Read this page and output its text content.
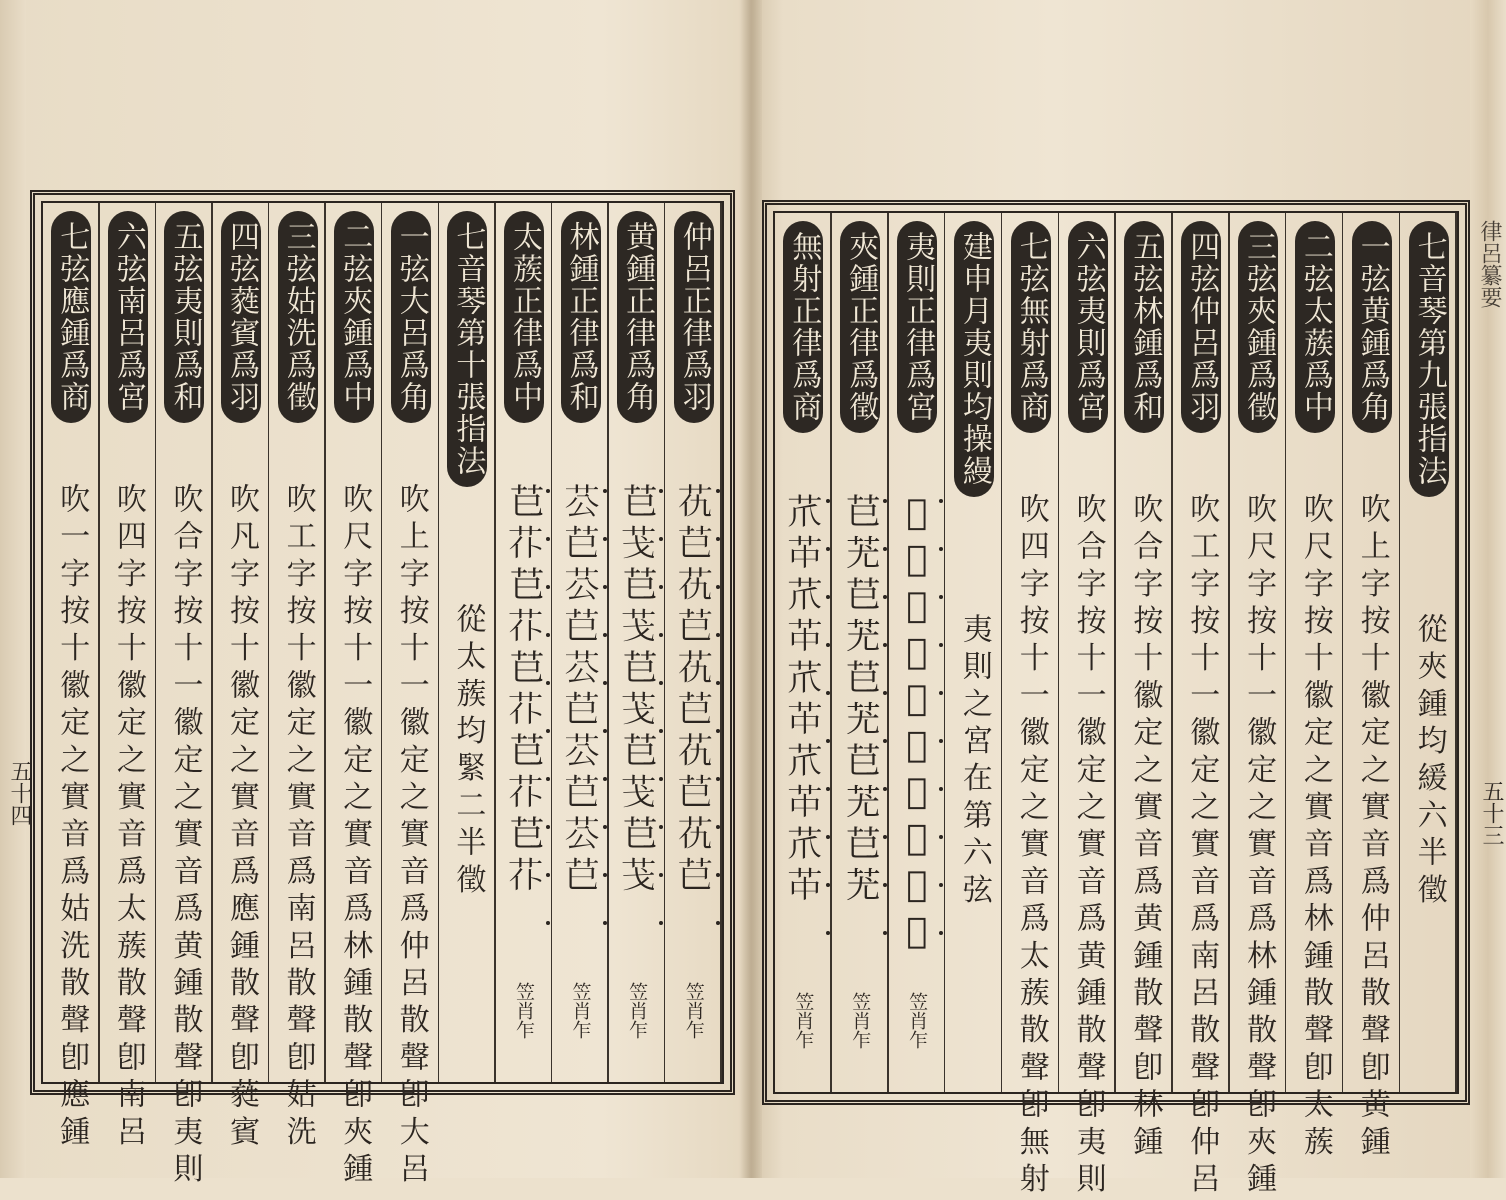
仲呂正律爲羽
𦬖𦬊𦬖𦬊𦬖𦬊𦬖𦬊𦬖𦬊
笠肖乍
黄鍾正律爲角
𦬊𦬗𦬊𦬗𦬊𦬗𦬊𦬗𦬊𦬗
笠肖乍
林鍾正律爲和
𦬘𦬊𦬘𦬊𦬘𦬊𦬘𦬊𦬘𦬊
笠肖乍
太蔟正律爲中
𦬊𦬙𦬊𦬙𦬊𦬙𦬊𦬙𦬊𦬙
笠肖乍
七音琴第十張指法
從太蔟均緊二半徵
一弦大呂爲角
吹上字按十一徽定之實音爲仲呂散聲卽大呂
二弦夾鍾爲中
吹尺字按十一徽定之實音爲林鍾散聲卽夾鍾
三弦姑洗爲徵
吹工字按十徽定之實音爲南呂散聲卽姑洗
四弦蕤賓爲羽
吹凡字按十徽定之實音爲應鍾散聲卽蕤賓
五弦夷則爲和
吹合字按十一徽定之實音爲黄鍾散聲卽夷則
六弦南呂爲宮
吹四字按十徽定之實音爲太蔟散聲卽南呂
七弦應鍾爲商
吹一字按十徽定之實音爲姑洗散聲卽應鍾
五十四
七音琴第九張指法
從夾鍾均緩六半徵
一弦黄鍾爲角
吹上字按十徽定之實音爲仲呂散聲卽黄鍾
二弦太蔟爲中
吹尺字按十徽定之實音爲林鍾散聲卽太蔟
三弦夾鍾爲徵
吹尺字按十一徽定之實音爲林鍾散聲卽夾鍾
四弦仲呂爲羽
吹工字按十一徽定之實音爲南呂散聲卽仲呂
五弦林鍾爲和
吹合字按十徽定之實音爲黄鍾散聲卽林鍾
六弦夷則爲宮
吹合字按十一徽定之實音爲黄鍾散聲卽夷則
七弦無射爲商
吹四字按十一徽定之實音爲太蔟散聲卽無射
建申月夷則均操縵
夷則之宮在第六弦
夷則正律爲宮
𦬒𦬊𦬒𦬊𦬒𦬊𦬒𦬊𦬒𦬊
笠肖乍
夾鍾正律爲徵
𦬊𦬓𦬊𦬓𦬊𦬓𦬊𦬓𦬊𦬓
笠肖乍
無射正律爲商
𦬔𦬕𦬔𦬕𦬔𦬕𦬔𦬕𦬔𦬕
笠肖乍
律呂纂要
五十三
